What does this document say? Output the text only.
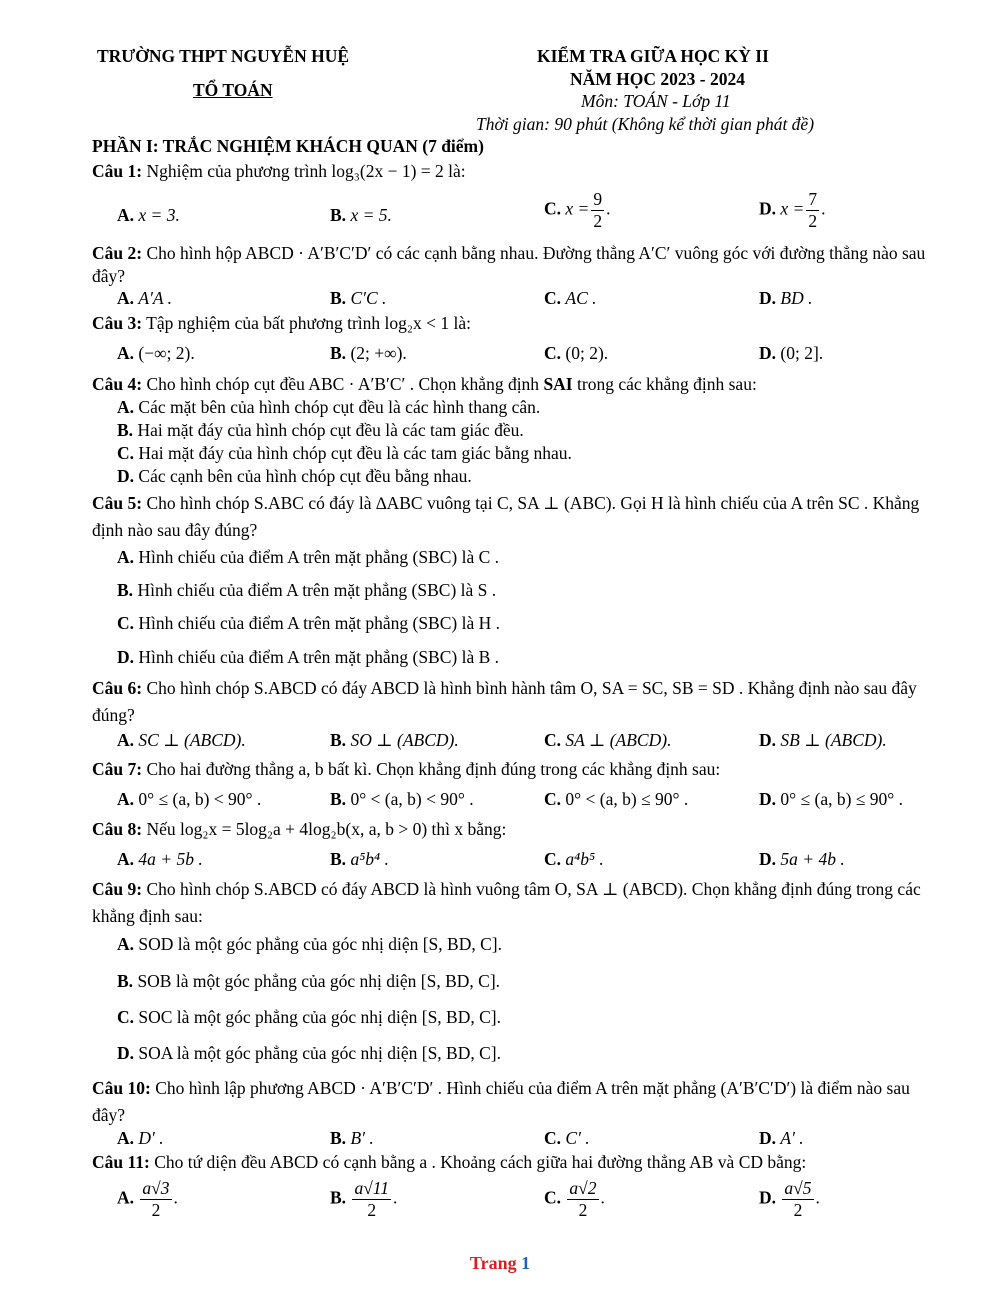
TRƯỜNG THPT NGUYỄN HUỆ
TỔ TOÁN
KIỂM TRA GIỮA HỌC KỲ II
NĂM HỌC 2023 - 2024
Môn: TOÁN - Lớp 11
Thời gian: 90 phút (Không kể thời gian phát đề)
PHẦN I: TRẮC NGHIỆM KHÁCH QUAN (7 điểm)
Câu 1: Nghiệm của phương trình log₃(2x − 1) = 2 là:
A. x = 3.	B. x = 5.	C. $x = \frac{9}{2}$ .	D. $x = \frac{7}{2}$ .
Câu 2: Cho hình hộp ABCD · A′B′C′D′ có các cạnh bằng nhau. Đường thẳng A′C′ vuông góc với đường thẳng nào sau đây?
A. A′A .	B. C′C .	C. AC .	D. BD .
Câu 3: Tập nghiệm của bất phương trình log₂x < 1 là:
A. (−∞; 2).	B. (2; +∞).	C. (0; 2).	D. (0; 2].
Câu 4: Cho hình chóp cụt đều ABC · A′B′C′ . Chọn khẳng định SAI trong các khẳng định sau:
A. Các mặt bên của hình chóp cụt đều là các hình thang cân.
B. Hai mặt đáy của hình chóp cụt đều là các tam giác đều.
C. Hai mặt đáy của hình chóp cụt đều là các tam giác bằng nhau.
D. Các cạnh bên của hình chóp cụt đều bằng nhau.
Câu 5: Cho hình chóp S.ABC có đáy là ∆ABC vuông tại C, SA ⊥ (ABC). Gọi H là hình chiếu của A trên SC . Khẳng định nào sau đây đúng?
A. Hình chiếu của điểm A trên mặt phẳng (SBC) là C .
B. Hình chiếu của điểm A trên mặt phẳng (SBC) là S .
C. Hình chiếu của điểm A trên mặt phẳng (SBC) là H .
D. Hình chiếu của điểm A trên mặt phẳng (SBC) là B .
Câu 6: Cho hình chóp S.ABCD có đáy ABCD là hình bình hành tâm O, SA = SC, SB = SD . Khẳng định nào sau đây đúng?
A. SC ⊥ (ABCD).	B. SO ⊥ (ABCD).	C. SA ⊥ (ABCD).	D. SB ⊥ (ABCD).
Câu 7: Cho hai đường thẳng a, b bất kì. Chọn khẳng định đúng trong các khẳng định sau:
A. 0° ≤ (a, b) < 90° .	B. 0° < (a, b) < 90° .	C. 0° < (a, b) ≤ 90° .	D. 0° ≤ (a, b) ≤ 90° .
Câu 8: Nếu log₂x = 5log₂a + 4log₂b(x, a, b > 0) thì x bằng:
A. 4a + 5b .	B. a⁵b⁴ .	C. a⁴b⁵ .	D. 5a + 4b .
Câu 9: Cho hình chóp S.ABCD có đáy ABCD là hình vuông tâm O, SA ⊥ (ABCD). Chọn khẳng định đúng trong các khẳng định sau:
A. SOD là một góc phẳng của góc nhị diện [S, BD, C].
B. SOB là một góc phẳng của góc nhị diện [S, BD, C].
C. SOC là một góc phẳng của góc nhị diện [S, BD, C].
D. SOA là một góc phẳng của góc nhị diện [S, BD, C].
Câu 10: Cho hình lập phương ABCD · A′B′C′D′ . Hình chiếu của điểm A trên mặt phẳng (A′B′C′D′) là điểm nào sau đây?
A. D′ .	B. B′ .	C. C′ .	D. A′ .
Câu 11: Cho tứ diện đều ABCD có cạnh bằng a . Khoảng cách giữa hai đường thẳng AB và CD bằng:
A. $\frac{a√3}{2}$ .	B. $\frac{a√11}{2}$ .	C. $\frac{a√2}{2}$ .	D. $\frac{a√5}{2}$ .
Trang 1
